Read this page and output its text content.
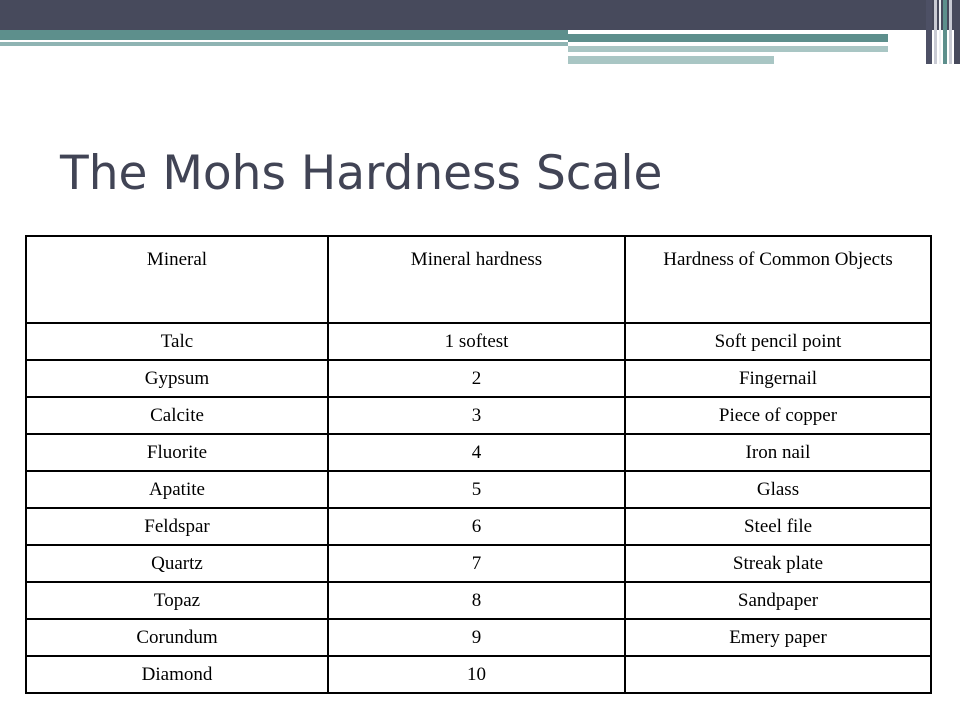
The Mohs Hardness Scale
Mineral	Mineral hardness	Hardness of Common Objects
Talc	1 softest	Soft pencil point
Gypsum	2	Fingernail
Calcite	3	Piece of copper
Fluorite	4	Iron nail
Apatite	5	Glass
Feldspar	6	Steel file
Quartz	7	Streak plate
Topaz	8	Sandpaper
Corundum	9	Emery paper
Diamond	10	
